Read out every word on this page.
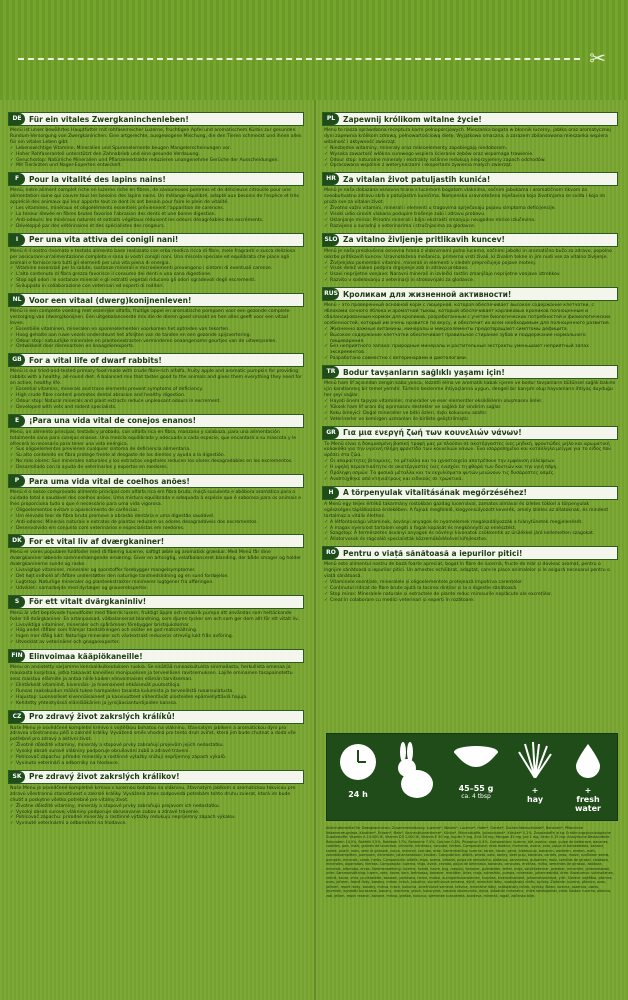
✂
DE Für ein vitales Zwergkaninchenleben!
Menü ist unser bewährtes Hauptfutter mit rohfaserreicher Luzerne, fruchtigen Apfel und aromatischem Kürbis zur gesunden Rundum-Versorgung von Zwergkaninchen. Eine artgerechte, ausgewogene Mischung, die den Tieren schmeckt und ihnen alles für ein vitales Leben gibt.
✓ Lebenswichtige Vitamine, Mineralien und Spurenelemente beugen Mangelerscheinungen vor.
✓ Hoher Rohfaseranteil unterstützt den Zahnabrieb und eine gesunde Verdauung.
✓ Geruchsstop: Natürliche Mineralien und Pflanzenextrakte reduzieren unangenehme Gerüche der Ausscheidungen.
✓ Mit Tierärzten und Nager-Experten entwickelt.
F	Pour la vitalité des lapins nains!
Menü, notre aliment complet riche en luzerne riche en fibres, de savoureuses pommes et de délicieuse citrouille pour une alimentation saine qui couvre tous les besoins des lapins nains. Un mélange équilibré, adapté aux besoins de l'espèce et très apprécié des animaux qui leur apporte tout ce dont ils ont besoin pour faire le plein de vitalité.
✓ Les vitamines, minéraux et oligoéléments essentiels préviennent l'apparition de carences.
✓ La teneur élevée en fibres brutes favorise l'abrasion des dents et une bonne digestion.
✓ Anti-odeurs: les minéraux naturels et extraits végétaux réduisent les odeurs désagréables des excréments.
✓ Développé par des vétérinaires et des spécialistes des rongeurs.
I	Per una vita attiva dei conigli nani!
Menü è il nostro rinomato e testato alimento base realizzato con erba medica ricca di fibre, mele fragranti e zucca deliziosa per assicurare un'alimentazione completa e sana ai vostri conigli nani. Una miscela speciale ed equilibrata che piace agli animali e fornisce loro tutti gli elementi per una vita piena di energia.
✓ Vitamine essenziali per la salute, sostanze minerali e microelementi prevengono i sintomi di eventuali carenze.
✓ L'alto contenuto di fibra grezza favorisce il consumo dei denti e una sana digestione.
✓ Stop agli odori: le sostanze minerali e gli estratti vegetali riducono gli odori sgradevoli degli escrementi.
✓ Sviluppato in collaborazione con veterinari ed esperti di roditori.
NL	Voor een vitaal (dwerg)konijnenleven!
Menü is een complete voeding met vezelrijke alfalfa, fruitige appel en aromatische pompoen voor een gezonde complete verzorging van (dwerg)konijnen. Een uitgebalanceerde mix die de dieren goed smaakt en hen alles geeft voor een vitaal leven.
✓ Essentiële vitaminen, mineralen en sporenelementen voorkomen het optreden van tekorten.
✓ Hoog gehalte aan ruwe vezels ondersteunt het afslijten van de tanden en een gezonde spijsvertering.
✓ Odour stop: natuurlijke mineralen en plantenextracten verminderen onaangename geurtjes van de uitwerpselen.
✓ Ontwikkeld door dierenartsen en knaagdierexperts.
GB For a vital life of dwarf rabbits!
Menü is our tried-and-tested primary food made with crude fibre-rich alfalfa, fruity apple and aromatic pumpkin for providing rabbits with a healthy, all-round diet. A balanced mix that tastes good to the animals and gives them everything they need for an active, healthy life.
✓ Essential vitamins, minerals and trace elements prevent symptoms of deficiency.
✓ High crude fibre content promotes dental abrasion and healthy digestion.
✓ Odour stop: Natural minerals and plant extracts reduce unpleasant odours in excrement.
✓ Developed with vets and rodent specialists.
E	¡Para una vida vital de conejos enanos!
Menü, un alimento principal, testado y probado, con alfalfa rica en fibra, manzana y calabaza, para una alimentación totalmente sana para conejos enanos. Una mezcla equilibrada y adecuada a cada especie, que encantará a su mascota y le ofrecerá lo necesario para tener una vida enérgica.
✓ Sus oligoelementos previenen cualquier síntoma de deficiencia alimentaria.
✓ Su alto contenido en fibra protege frente al desgaste de los dientes y ayuda a la digestión.
✓ No más olores: Sus minerales naturales y los extractos vegetales reducen los olores desagradables en los excrementos.
✓ Desarrollado con la ayuda de veterinarios y expertos en roedores.
P	Para uma vida vital de coelhos anões!
Menü é o nosso comprovado alimento principal com alfalfa rica em fibra bruta, maçã suculenta e abóbora aromática para o cuidado total e saudável dos coelhos anões. Uma mistura equilibrada e adequada à espécie que é saborosa para os animais e lhes proporciona tudo o que é necessário para uma vida vigorosa.
✓ Oligoelementos evitam o aparecimento de carências.
✓ Um elevado teor de fibra bruta promove a abrasão dentária e uma digestão saudável.
✓ Anti-odores: Minerais naturais e extratos de plantas reduzem os odores desagradáveis dos excrementos.
✓ Desenvolvido em conjunto com veterinários e especialistas em roedores.
DK For et vital liv af dværgkaniner!
Menü er vores populære fuldfoder med rå fiberrig lucerne, saftigt æble og aromatisk græskar. Med Menü får dine dværgkaniner løbende sammenhængende ernæring. Giver en artsrigtig, velafbalanceret blanding, der både smager og holder dværgkaninerne sunde og raske.
✓ Livsvigtige vitaminer, mineraler og sporstoffer forebygger mangelsymptomer.
✓ Det højt indhold af råfibre understøtter den naturlige tandnedslidning og en sund fordøjelse.
✓ Lugtstop: Naturlige mineraler og planteekstrakter minimerer lugtgener fra afføringen.
✓ Udviklet i samarbejde med dyrlæger og gnavereksperter.
S	För ett vitalt dvärgkaninliv!
Menü är vårt beprövade huvudfoder med fiberrik lusern, fruktigt äpple och smakrik pumpa att användas som heltäckande foder till dvärgkaniner. En artanpassad, välbalanserad blandning, som djuren tycker om och som ger dem allt för ett vitalt liv.
✓ Livsviktiga vitaminer, mineraler och spårämnen förebygger bristsjukdomar.
✓ Hög andel råfiber som främjar tandslitningen och sköter en god matsmältning.
✓ Ingen mer dålig lukt: Naturliga mineraler och växtextrakt reducerar otrevlig lukt från avföring.
✓ Utvecklat av veterinärer och gnagarexperter.
FIN Elinvoimaa kääpiökaneille!
Menu on ansiotetty sarjamme kenraalikulkeutuksen ruokia. Se sisältää runsaskuituista sinimailasta, herkullista omenaa ja maukasta kurpitsaa, jotka takaavat kaneillesi monipuolisen ja terveellisen ravitsemuksen. Lajille ominainen tasapainotettu seos maistuu eläimille ja antaa niille kaiken elinvoimaisen elämän tarvitseman.
✓ Elintärkeät vitamiinit, kivennäis- ja hivenaineet ehkäisevät puutostiloja.
✓ Runsas raakakuidun määrä tukee hampaiden tasaista kulumista ja terveellistä ruoansulatusta.
✓ Hajustop: Luonnolliset kivennäisaineet ja kasviuutteet vähentävät ulosteiden epämiellyttäviä hajuja.
✓ Kehitetty yhteistyössä eläinlääkärien ja jyrsijäasiantuntijoiden kanssa.
CZ	Pro zdravý život zakrslých králíků!
Naše Menu je osvědčené kompletní krmivo s vojtěškou bohatou na vlákninu, šťavnatým jablkem a aromatickou dýní pro zdravou všestrannou péči o zakrslé králíky. Vyvážená směs vhodná pro tento druh zvířat, která jim bude chutnat a dodá vše potřebné pro zdravý a aktivní život.
✓ Životně důležité vitaminy, minerály a stopové prvky zabraňují projevům jejich nedostatku.
✓ Vysoký obsah surové vlákniny podporuje obrušování zubů a zdravé trávení.
✓ Pohlcovač zápachu: přírodní minerály a rostlinné výtažky snižují nepříjemný zápach výkalů.
✓ Vyvinuto veterináři a odborníky na hlodavce.
SK	Pre zdravý život zakrslých králikov!
Naše Menu je osvedčené kompletné krmivo s lucernou bohatou na vlákninu, šťavnatým jablkom a aromatickou tekvicou pre zdravú všestrannú starostlivosť o zakrslé králiky. Vyvážená zmes zodpovedá potrebám tohto druhu zvierat, ktorá im bude chutiť a poskytne všetko potrebné pre vitálny život.
✓ Životne dôležité vitamíny, minerály a stopové prvky zabraňujú prejavom ich nedostatku.
✓ Vysoký obsah surovej vlákniny podporuje obrusovanie zubov a zdravé trávenie.
✓ Pohlcovač zápachu: prírodné minerály a rastlinné výťažky redukujú nepríjemný zápach výkalov.
✓ Vyvinuté veterinármi a odborníkmi na hlodavce.
PL	Zapewnij królikom witalne życie!
Menu to nasza sprawdzona receptura karm pełnoporcjowych. Mieszanka bogata w błonnik lucerny, jabłka oraz aromatycznej dyni zapewnia królikom zdrową, pełnowartościową dietę. Wyjątkowo smaczna, a zarazem zbilansowana mieszanka wspiera witalność i aktywność zwierząt.
✓ Niezbędne witaminy, minerały oraz mikroelementy zapobiegają niedoborom.
✓ Wysoka zawartość włókna surowego wspiera ścieranie zębów oraz wspomaga trawienie.
✓ Odour stop: naturalne minerały i ekstrakty roślinne redukują nieprzyjemny zapach odchodów.
✓ Opracowana wspólnie z weterynarzami i ekspertami żywienia małych zwierząt.
HR Za vitalan život patuljastih kunića!
Menü je naša dokazana osnovna hrana s lucernom bogatom vlaknima, sočnim jabukama i aromatičnom tikvom za sveobuhvatnu zdravu skrb o patuljastim kunićima. Namjenska uravnotežena mješavina koja životinjama se sviđa i koja im pruža sve za vitalan život.
✓ Životno važni vitamini, minerali i elementi u tragovima sprječavaju pojavu simptoma deficijencije.
✓ Visoki udio sirovih vlakana podupire trošenje zubi i zdravu probavu.
✓ Uklanjanje mirisa: Prirodni minerali i biljni ekstrakti smanjuju neugodne mirise izlučevina.
✓ Razvijeno u suradnji s veterinarima i stručnjacima za glodavce.
SLO Za vitalno življenje pritlikavih kuncev!
Menü je naša preizkušena osnovna hrana z vlaknimami polno lucerno, sočnimi jabolki in aromatično bučo za zdravo, popolno oskrbo pritlikavih kuncev. Uravnotežena mešanica, primerna vrsti živali, ki živalim tekne in jim nudi vse za vitalno življenje.
✓ Življenjsko pomembni vitamini, minerali in elementi v sledeh preprečujejo pojave motenj.
✓ Visok delež vlaken podpira drgnjenje zob in zdravo prebavo.
✓ Usavi neprijetne vonjave: Naravni minerali in izvlečki rastlin zmanjšajo neprijetne vonjave iztrebkov.
✓ Razvito v sodelovanju z veterinarji in strokovnjaki za glodavce.
RUS Кроликам для жизненной активности!
Menü – это проверенный основной корм с люцерной, которая обеспечивает высокое содержание клетчатки, с яблоками сочного яблока и ароматной тыквы, который обеспечивает карликовых кроликов полноценным и сбалансированным кормом для кроликов, разработанным с учетом биологических потребностей и физиологических особенностей, который им очень нравится по вкусу, и обеспечит их всем необходимым для полноценного развития.
✓ Жизненно важные витамины, минералы и микроэлементы предотвращают симптомы дефицита.
✓ Высокое содержание клетчатки обеспечивает правильное стирание зубов и поддержание нормального пищеварения.
✓ Без неприятного запаха: природные минералы и растительные экстракты уменьшают неприятный запах экскрементов.
✓ Разработано совместно с ветеринарами и диетологами.
TR	Bodur tavşanların sağlıklı yaşamı için!
Menü ham lif açısından zengin kaba yonca, lezzetli elma ve aromatik kabak içeren ve bodur tavşanların bütünsel sağlık bakımı için kanıtlanmış bir temel yemdir. Türlerin beslenme ihtiyaçlarına uygun, dengeli bir karışım olup hayvanların ihtiyaç duyduğu her şeyi sağlar.
✓ Hayati önem taşıyan vitaminler, mineraller ve eser elementler eksikliklerin oluşmasını önler.
✓ Yüksek ham lif oranı diş aşınmasını destekler ve sağlıklı bir sindirim sağlar.
✓ Koku önleyici: Doğal mineraller ve bitki özleri, dışkı kokusunu azaltır.
✓ Veterinerler ve kemirgen uzmanları ile birlikte geliştirilmiştir.
GR Για μια ενεργή ζωή των κουνελιών νάνων!
Το Menü είναι η δοκιμασμένη βασική τροφή μας με πλούσια σε ακατέργαστες ίνες μηδική, φρουτώδες μήλο και αρωματική κολοκύθα για την υγιεινή πλήρη φροντίδα των κουνελιών νάνων. Ένα ισορροπημένο και κατάλληλο μείγμα για το είδος που αρέσει στα ζώα.
✓ Οι απαραίτητες βιταμίνες, τα μέταλλα και τα ιχνοστοιχεία αποτρέπουν την εμφάνιση ελλείψεων.
✓ Η υψηλή περιεκτικότητα σε ακατέργαστες ίνες ενισχύει τη φθορά των δοντιών και την υγιή πέψη.
✓ Πρόληψη οσμών: Τα φυσικά μέταλλα και τα εκχυλίσματα φυτών μειώνουν τις δυσάρεστες οσμές.
✓ Αναπτύχθηκε από κτηνιάτρους και ειδικούς σε τρωκτικά.
H	A törpenyulak vitalitásának megőrzéséhez!
A Menü egy teljes értékű takarmány rostokban gazdag lucernával, zamatos almával és ízletes tökkel a törpenyulak egészséges táplálkozása érdekében. A fajnak megfelelő, kiegyensúlyozott keverék, amely ízletes az állatoknak, és mindent tartalmaz a vitális élethez.
✓ A létfontosságú vitaminok, ásványi anyagok és nyomelemek megakadályozzák a hiánytünetek megjelenését.
✓ A magas nyersrost tartalom segíti a fogak kopását és megkönnyíti az emésztést.
✓ Szagstop: A természetes ásványi anyagok és növényi kivonatok csökkentik az ürülékkel járó kellemetlen szagokat.
✓ Állatorvosok és rágcsáló specialisták közreműködésével kifejlesztve.
RO Pentru o viață sănătoasă a iepurilor pitici!
Menü este alimentul nostru de bază foarte apreciat, bogat în fibre de lucernă, fructe de măr și dovleac aromat, pentru o îngrijire sănătoasă a iepurilor pitici. Un amestec echilibrat, adaptat, care le place animalelor și le asigură necesarul pentru o viață sănătoasă.
✓ Vitaminele esențiale, mineralele și oligoelementele protejează împotriva carențelor.
✓ Conținutul ridicat de fibre brute ajută la tocirea dinților și la o digestie sănătoasă.
✓ Stop miros: Mineralele naturale și extractele de plante reduc mirosurile neplăcute ale excrețiilor.
✓ Creat în colaborare cu medici veterinari și experți în rozătoare.
24 h
45–55 g
ca. 4 tbsp
+
hay
+
fresh water
Alleinfuttermittel für Zwergkaninchen. Zusammensetzung: Luzerne*, Weizen*, Luzerne*, Hafer*, Gerste*, Zuckerrübenschnitzel*, Bananen*, Pflanzliche Nebenerzeugnisse, Karotten*, Erbsen*, Mais*, Sonnenblumenkerne*, Kürbis*, Mineralstoffe, Johannisbrot*, Kräuter* 0,1%. Zusatzstoffe je kg: Ernährungsphysiologische Zusatzstoffe: Vitamin A 10.000 IE, Vitamin D3 1.000 IE, Vitamin E 50 mg, Kupfer 5 mg, Zink 50 mg, Mangan 45 mg, Jod 1 mg, Selen 0,15 mg. Analytische Bestandteile: Rohprotein 14,5%, Rohfett 3,5%, Rohfaser 17%, Rohasche 7,5%, Calcium 0,8%, Phosphor 0,4%. Composition: luzerne, blé, avoine, orge, pulpe de betterave, bananes, carottes, pois, maïs, graines de tournesol, citrouille, minéraux, caroube, herbes. Composizione: erba medica, frumento, avena, orzo, polpa di barbabietola, banane, carote, piselli, mais, semi di girasole, zucca, minerali, carrube, erbe. Samenstelling: luzerne, tarwe, haver, gerst, bietenpulp, bananen, wortelen, erwten, maïs, zonnebloempitten, pompoen, mineralen, johannesbrood, kruiden. Composition: alfalfa, wheat, oats, barley, beet pulp, bananas, carrots, peas, maize, sunflower seeds, pumpkin, minerals, carob, herbs. Composición: alfalfa, trigo, avena, cebada, pulpa de remolacha, plátanos, zanahorias, guisantes, maíz, semillas de girasol, calabaza, minerales, algarrobas, hierbas. Composição: luzerna, trigo, aveia, cevada, polpa de beterraba, bananas, cenouras, ervilhas, milho, sementes de girassol, abóbora, minerais, alfarroba, ervas. Sammensætning: lucerne, hvede, havre, byg, roepulp, bananer, gulerødder, ærter, majs, solsikkekerner, græskar, mineraler, johannesbrød, urter. Sammansättning: lusern, vete, havre, korn, betmassa, bananer, morötter, ärter, majs, solrosfrön, pumpa, mineraler, johannesbröd, örter. Koostumus: sinimailanen, vehnä, kaura, ohra, juurikasleike, banaani, porkkana, herne, maissi, auringonkukansiemen, kurpitsa, kivennäisaineet, johanneksenleipä, yrtit. Složení: vojtěška, pšenice, oves, ječmen, řepné řízky, banány, mrkev, hrách, kukuřice, slunečnicová semena, dýně, minerální látky, svatojánský chléb, bylinky. Zloženie: lucerna, pšenica, ovos, jačmeň, repné rezky, banány, mrkva, hrach, kukurica, slnečnicové semená, tekvica, minerálne látky, svätojánsky chlieb, bylinky. Skład: lucerna, pszenica, owies, jęczmień, wysłodki buraczane, banany, marchew, groch, kukurydza, nasiona słonecznika, dynia, składniki mineralne, chleb świętojański, zioła. Sastav: lucerna, pšenica, zob, ječam, repini rezanci, banane, mrkva, grašak, kukuruz, sjemenke suncokreta, bundeva, minerali, rogač, začinsko bilje.
